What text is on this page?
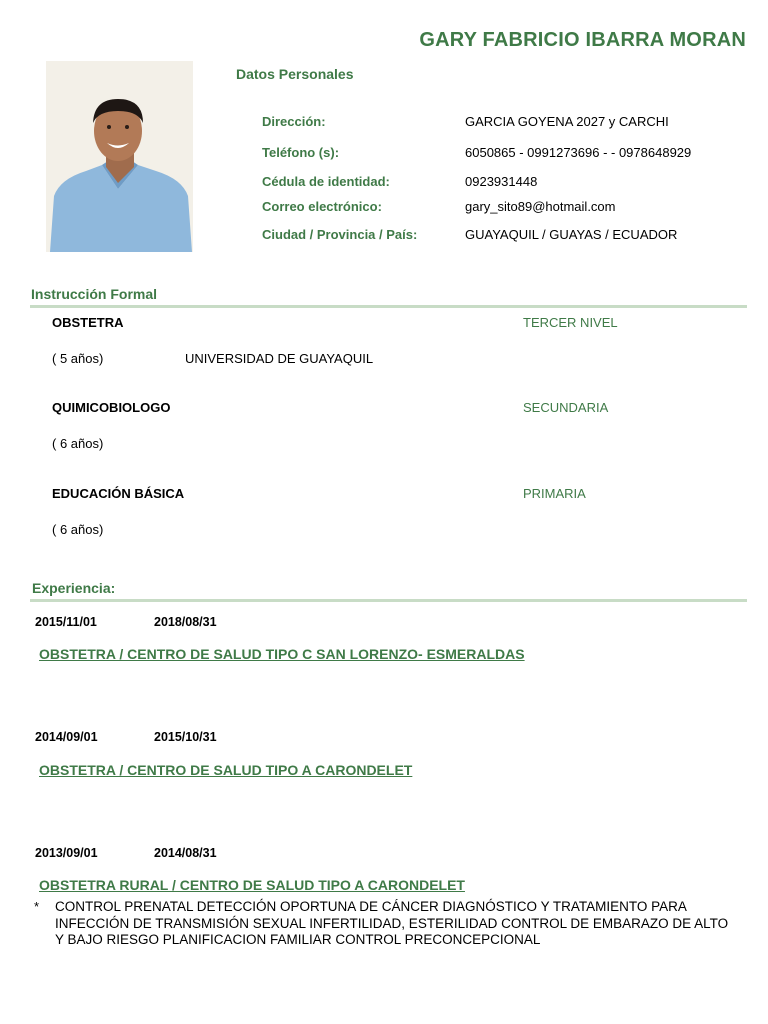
GARY FABRICIO IBARRA MORAN
Datos Personales
Dirección:	GARCIA GOYENA 2027 y CARCHI
Teléfono (s):	6050865 - 0991273696 - - 0978648929
Cédula de identidad:	0923931448
Correo electrónico:	gary_sito89@hotmail.com
Ciudad / Provincia / País:	GUAYAQUIL / GUAYAS / ECUADOR
Instrucción Formal
OBSTETRA	TERCER NIVEL
( 5 años)	UNIVERSIDAD DE GUAYAQUIL
QUIMICOBIOLOGO	SECUNDARIA
( 6 años)
EDUCACIÓN BÁSICA	PRIMARIA
( 6 años)
Experiencia:
2015/11/01	2018/08/31
OBSTETRA / CENTRO DE SALUD TIPO C SAN LORENZO- ESMERALDAS
2014/09/01	2015/10/31
OBSTETRA / CENTRO DE SALUD TIPO A CARONDELET
2013/09/01	2014/08/31
OBSTETRA RURAL / CENTRO DE SALUD TIPO A CARONDELET
* CONTROL PRENATAL DETECCIÓN OPORTUNA DE CÁNCER DIAGNÓSTICO Y TRATAMIENTO PARA INFECCIÓN DE TRANSMISIÓN SEXUAL INFERTILIDAD, ESTERILIDAD CONTROL DE EMBARAZO DE ALTO Y BAJO RIESGO PLANIFICACION FAMILIAR CONTROL PRECONCEPCIONAL
